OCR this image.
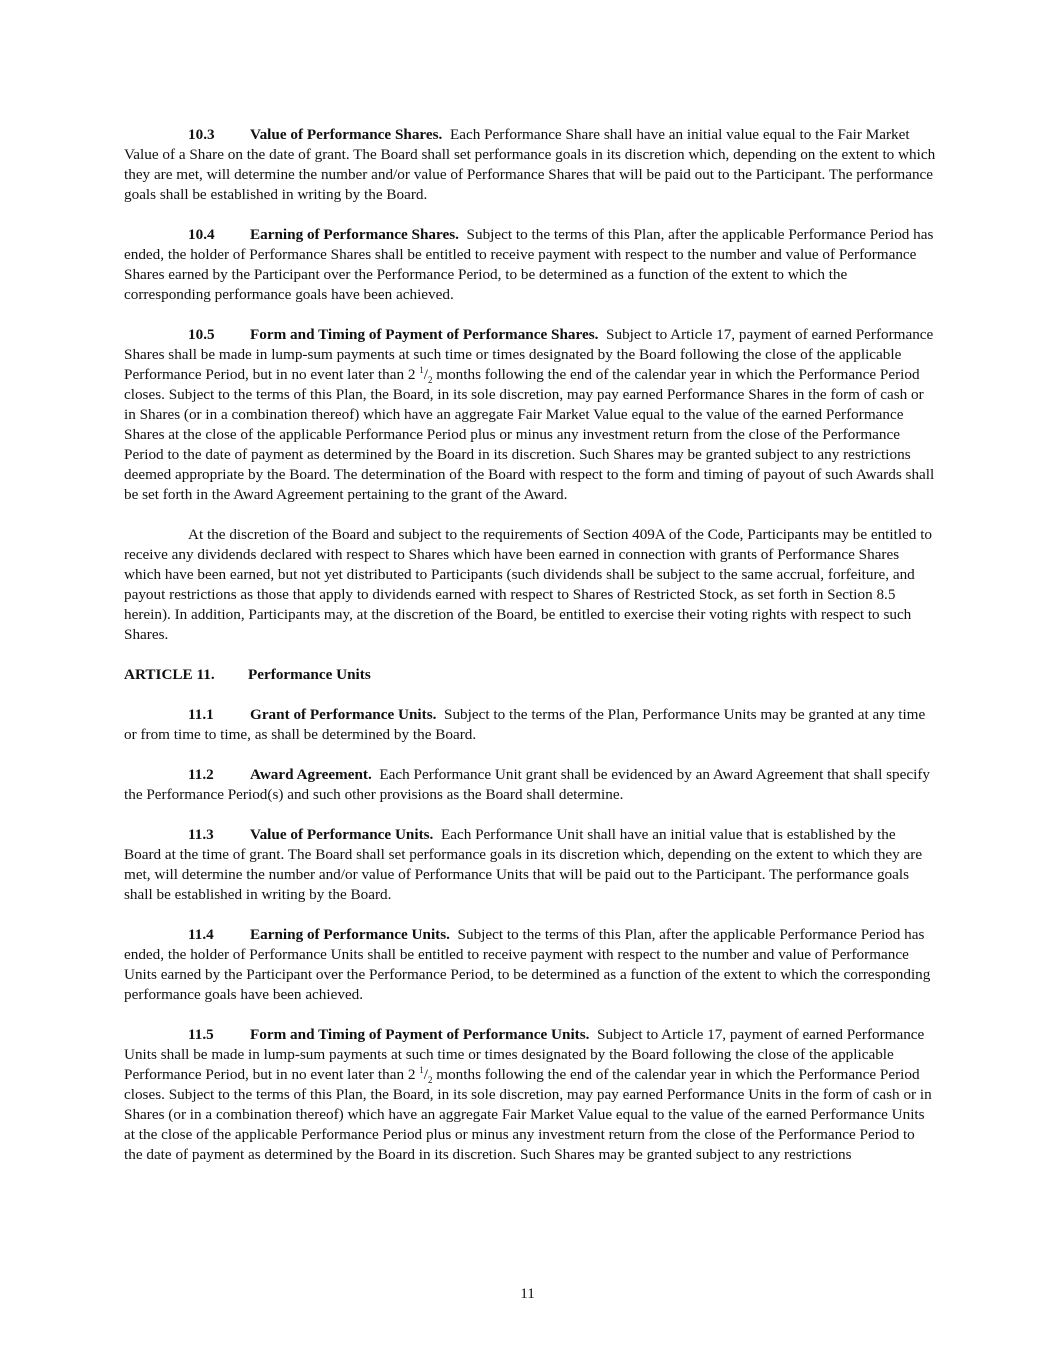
10.3 Value of Performance Shares. Each Performance Share shall have an initial value equal to the Fair Market Value of a Share on the date of grant. The Board shall set performance goals in its discretion which, depending on the extent to which they are met, will determine the number and/or value of Performance Shares that will be paid out to the Participant. The performance goals shall be established in writing by the Board.

10.4 Earning of Performance Shares. Subject to the terms of this Plan, after the applicable Performance Period has ended, the holder of Performance Shares shall be entitled to receive payment with respect to the number and value of Performance Shares earned by the Participant over the Performance Period, to be determined as a function of the extent to which the corresponding performance goals have been achieved.

10.5 Form and Timing of Payment of Performance Shares. Subject to Article 17, payment of earned Performance Shares shall be made in lump-sum payments at such time or times designated by the Board following the close of the applicable Performance Period, but in no event later than 2 $^1/_2$ months following the end of the calendar year in which the Performance Period closes. Subject to the terms of this Plan, the Board, in its sole discretion, may pay earned Performance Shares in the form of cash or in Shares (or in a combination thereof) which have an aggregate Fair Market Value equal to the value of the earned Performance Shares at the close of the applicable Performance Period plus or minus any investment return from the close of the Performance Period to the date of payment as determined by the Board in its discretion. Such Shares may be granted subject to any restrictions deemed appropriate by the Board. The determination of the Board with respect to the form and timing of payout of such Awards shall be set forth in the Award Agreement pertaining to the grant of the Award.

At the discretion of the Board and subject to the requirements of Section 409A of the Code, Participants may be entitled to receive any dividends declared with respect to Shares which have been earned in connection with grants of Performance Shares which have been earned, but not yet distributed to Participants (such dividends shall be subject to the same accrual, forfeiture, and payout restrictions as those that apply to dividends earned with respect to Shares of Restricted Stock, as set forth in Section 8.5 herein). In addition, Participants may, at the discretion of the Board, be entitled to exercise their voting rights with respect to such Shares.

ARTICLE 11. Performance Units

11.1 Grant of Performance Units. Subject to the terms of the Plan, Performance Units may be granted at any time or from time to time, as shall be determined by the Board.

11.2 Award Agreement. Each Performance Unit grant shall be evidenced by an Award Agreement that shall specify the Performance Period(s) and such other provisions as the Board shall determine.

11.3 Value of Performance Units. Each Performance Unit shall have an initial value that is established by the Board at the time of grant. The Board shall set performance goals in its discretion which, depending on the extent to which they are met, will determine the number and/or value of Performance Units that will be paid out to the Participant. The performance goals shall be established in writing by the Board.

11.4 Earning of Performance Units. Subject to the terms of this Plan, after the applicable Performance Period has ended, the holder of Performance Units shall be entitled to receive payment with respect to the number and value of Performance Units earned by the Participant over the Performance Period, to be determined as a function of the extent to which the corresponding performance goals have been achieved.

11.5 Form and Timing of Payment of Performance Units. Subject to Article 17, payment of earned Performance Units shall be made in lump-sum payments at such time or times designated by the Board following the close of the applicable Performance Period, but in no event later than 2 $^1/_2$ months following the end of the calendar year in which the Performance Period closes. Subject to the terms of this Plan, the Board, in its sole discretion, may pay earned Performance Units in the form of cash or in Shares (or in a combination thereof) which have an aggregate Fair Market Value equal to the value of the earned Performance Units at the close of the applicable Performance Period plus or minus any investment return from the close of the Performance Period to the date of payment as determined by the Board in its discretion. Such Shares may be granted subject to any restrictions

11
